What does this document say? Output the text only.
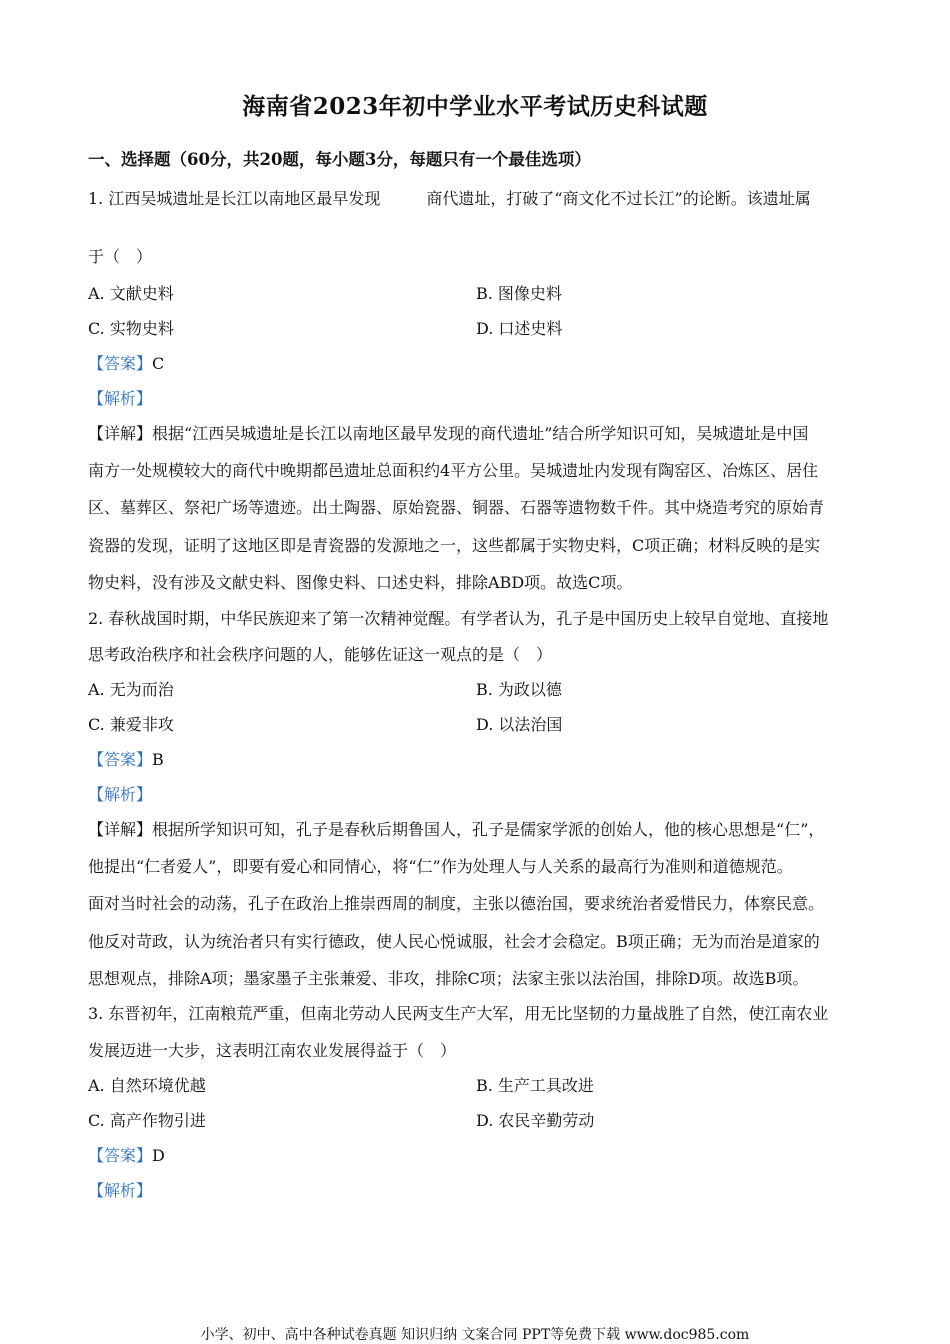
海南省2023年初中学业水平考试历史科试题
一、选择题（60分，共20题，每小题3分，每题只有一个最佳选项）
1. 江西吴城遗址是长江以南地区最早发现	商代遗址，打破了“商文化不过长江”的论断。该遗址属
于（　）
A. 文献史料	B. 图像史料
C. 实物史料	D. 口述史料
【答案】C
【解析】
【详解】根据“江西吴城遗址是长江以南地区最早发现的商代遗址”结合所学知识可知，吴城遗址是中国
南方一处规模较大的商代中晚期都邑遗址总面积约4平方公里。吴城遗址内发现有陶窑区、冶炼区、居住
区、墓葬区、祭祀广场等遗迹。出土陶器、原始瓷器、铜器、石器等遗物数千件。其中烧造考究的原始青
瓷器的发现，证明了这地区即是青瓷器的发源地之一，这些都属于实物史料，C项正确；材料反映的是实
物史料，没有涉及文献史料、图像史料、口述史料，排除ABD项。故选C项。
2. 春秋战国时期，中华民族迎来了第一次精神觉醒。有学者认为，孔子是中国历史上较早自觉地、直接地
思考政治秩序和社会秩序问题的人，能够佐证这一观点的是（　）
A. 无为而治	B. 为政以德
C. 兼爱非攻	D. 以法治国
【答案】B
【解析】
【详解】根据所学知识可知，孔子是春秋后期鲁国人，孔子是儒家学派的创始人，他的核心思想是“仁”，
他提出“仁者爱人”，即要有爱心和同情心，将“仁”作为处理人与人关系的最高行为准则和道德规范。
面对当时社会的动荡，孔子在政治上推崇西周的制度，主张以德治国，要求统治者爱惜民力，体察民意。
他反对苛政，认为统治者只有实行德政，使人民心悦诚服，社会才会稳定。B项正确；无为而治是道家的
思想观点，排除A项；墨家墨子主张兼爱、非攻，排除C项；法家主张以法治国，排除D项。故选B项。
3. 东晋初年，江南粮荒严重，但南北劳动人民两支生产大军，用无比坚韧的力量战胜了自然，使江南农业
发展迈进一大步，这表明江南农业发展得益于（　）
A. 自然环境优越	B. 生产工具改进
C. 高产作物引进	D. 农民辛勤劳动
【答案】D
【解析】
小学、初中、高中各种试卷真题 知识归纳 文案合同 PPT等免费下载 www.doc985.com
